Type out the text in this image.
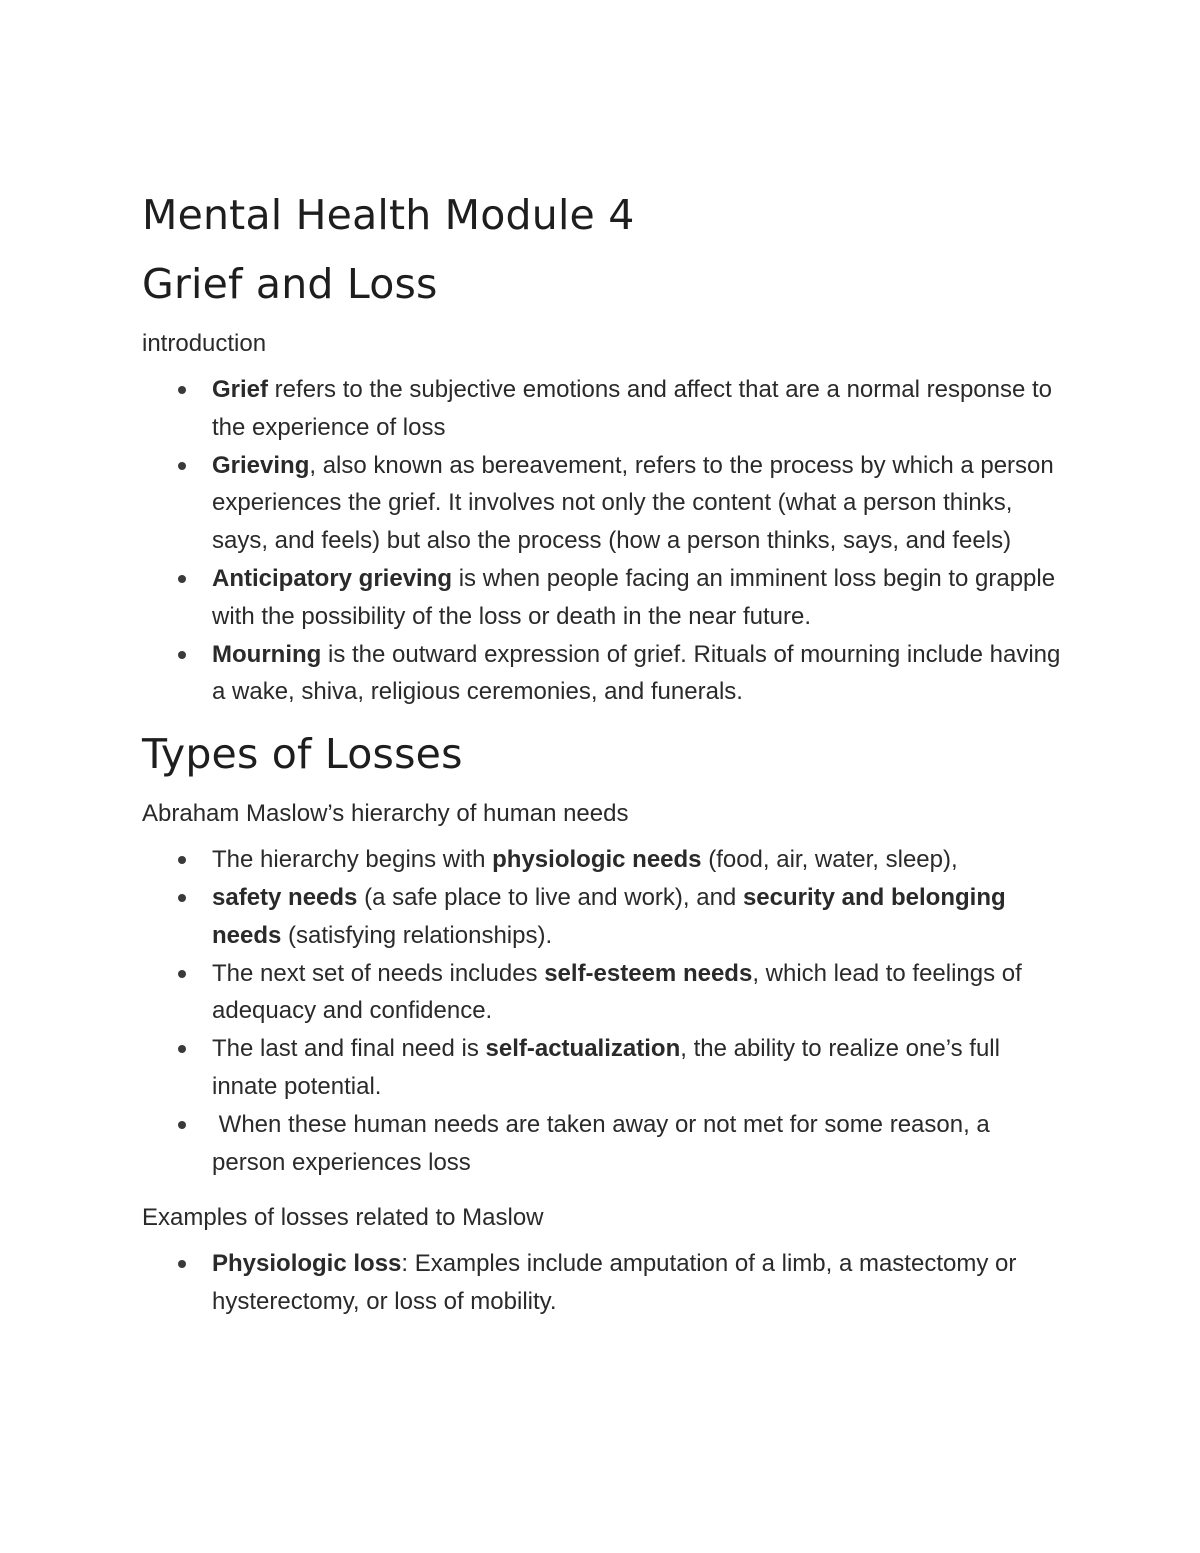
Mental Health Module 4
Grief and Loss

introduction

Grief refers to the subjective emotions and affect that are a normal response to the experience of loss
Grieving, also known as bereavement, refers to the process by which a person experiences the grief. It involves not only the content (what a person thinks, says, and feels) but also the process (how a person thinks, says, and feels)
Anticipatory grieving is when people facing an imminent loss begin to grapple with the possibility of the loss or death in the near future.
Mourning is the outward expression of grief. Rituals of mourning include having a wake, shiva, religious ceremonies, and funerals.
Types of Losses

Abraham Maslow’s hierarchy of human needs

The hierarchy begins with physiologic needs (food, air, water, sleep),
safety needs (a safe place to live and work), and security and belonging needs (satisfying relationships).
The next set of needs includes self-esteem needs, which lead to feelings of adequacy and confidence.
The last and final need is self-actualization, the ability to realize one’s full innate potential.
When these human needs are taken away or not met for some reason, a person experiences loss

Examples of losses related to Maslow

Physiologic loss: Examples include amputation of a limb, a mastectomy or hysterectomy, or loss of mobility.
